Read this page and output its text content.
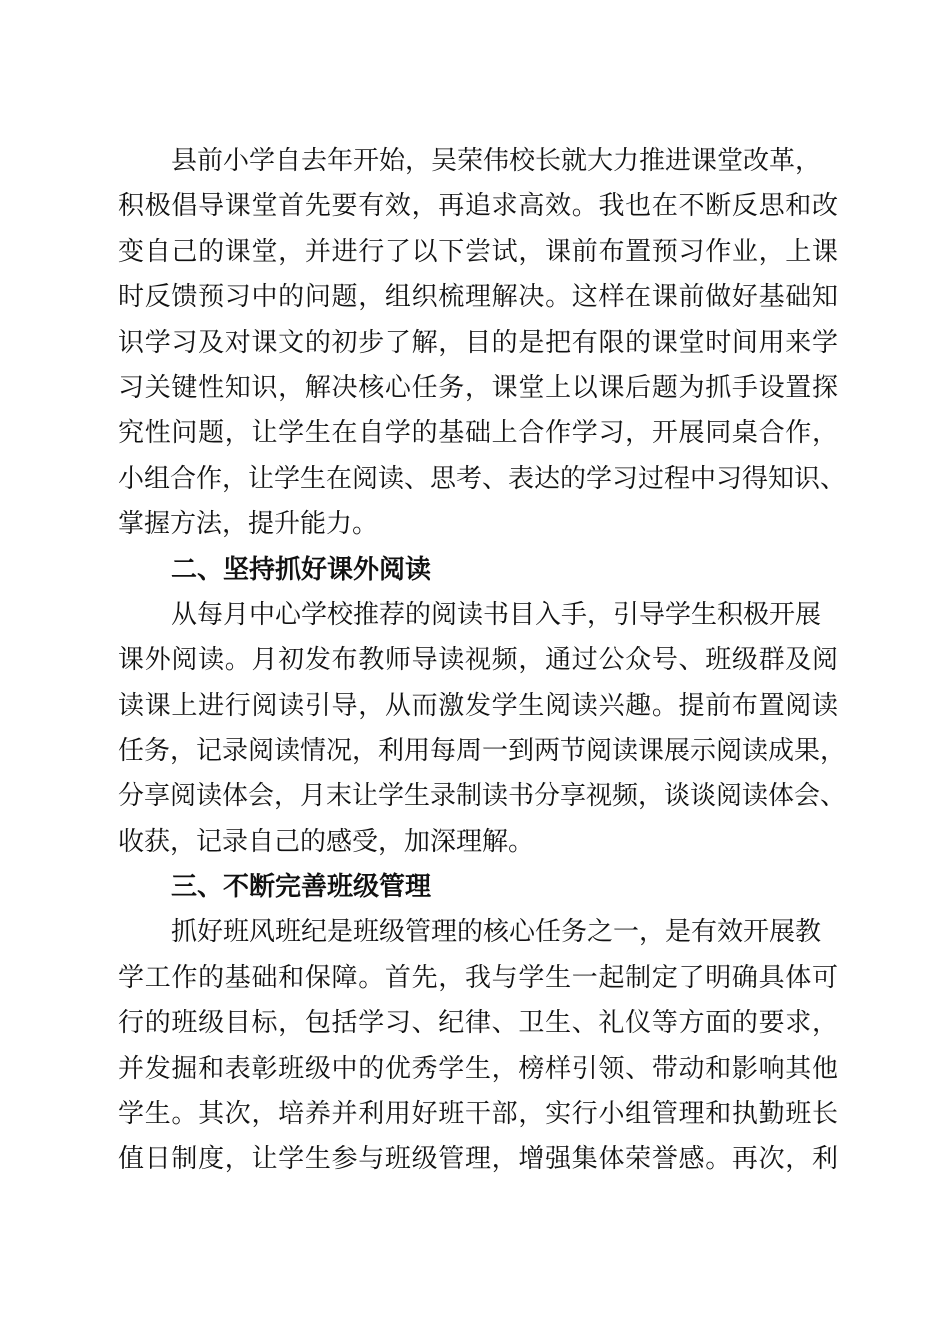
县前小学自去年开始，吴荣伟校长就大力推进课堂改革，
积极倡导课堂首先要有效，再追求高效。我也在不断反思和改
变自己的课堂，并进行了以下尝试，课前布置预习作业，上课
时反馈预习中的问题，组织梳理解决。这样在课前做好基础知
识学习及对课文的初步了解，目的是把有限的课堂时间用来学
习关键性知识，解决核心任务，课堂上以课后题为抓手设置探
究性问题，让学生在自学的基础上合作学习，开展同桌合作，
小组合作，让学生在阅读、思考、表达的学习过程中习得知识、
掌握方法，提升能力。
二、坚持抓好课外阅读
从每月中心学校推荐的阅读书目入手，引导学生积极开展
课外阅读。月初发布教师导读视频，通过公众号、班级群及阅
读课上进行阅读引导，从而激发学生阅读兴趣。提前布置阅读
任务，记录阅读情况，利用每周一到两节阅读课展示阅读成果，
分享阅读体会，月末让学生录制读书分享视频，谈谈阅读体会、
收获，记录自己的感受，加深理解。
三、不断完善班级管理
抓好班风班纪是班级管理的核心任务之一，是有效开展教
学工作的基础和保障。首先，我与学生一起制定了明确具体可
行的班级目标，包括学习、纪律、卫生、礼仪等方面的要求，
并发掘和表彰班级中的优秀学生，榜样引领、带动和影响其他
学生。其次，培养并利用好班干部，实行小组管理和执勤班长
值日制度，让学生参与班级管理，增强集体荣誉感。再次，利
